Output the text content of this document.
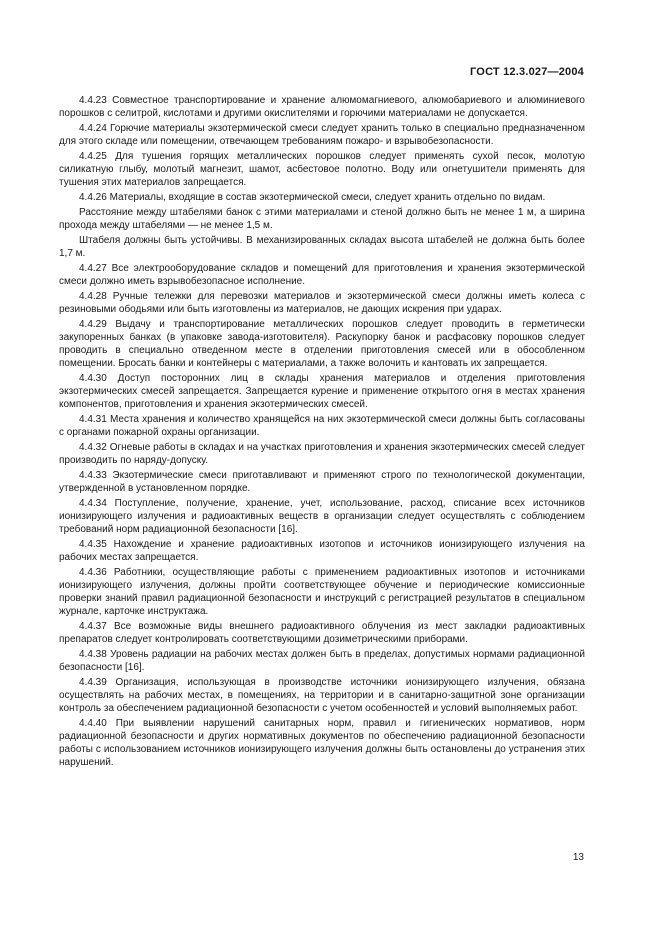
ГОСТ 12.3.027—2004

4.4.23 Совместное транспортирование и хранение алюмомагниевого, алюмобариевого и алюминиевого порошков с селитрой, кислотами и другими окислителями и горючими материалами не допускается.

4.4.24 Горючие материалы экзотермической смеси следует хранить только в специально предназначенном для этого складе или помещении, отвечающем требованиям пожаро- и взрывобезопасности.

4.4.25 Для тушения горящих металлических порошков следует применять сухой песок, молотую силикатную глыбу, молотый магнезит, шамот, асбестовое полотно. Воду или огнетушители применять для тушения этих материалов запрещается.

4.4.26 Материалы, входящие в состав экзотермической смеси, следует хранить отдельно по видам.

Расстояние между штабелями банок с этими материалами и стеной должно быть не менее 1 м, а ширина прохода между штабелями — не менее 1,5 м.

Штабеля должны быть устойчивы. В механизированных складах высота штабелей не должна быть более 1,7 м.

4.4.27 Все электрооборудование складов и помещений для приготовления и хранения экзотермической смеси должно иметь взрывобезопасное исполнение.

4.4.28 Ручные тележки для перевозки материалов и экзотермической смеси должны иметь колеса с резиновыми ободьями или быть изготовлены из материалов, не дающих искрения при ударах.

4.4.29 Выдачу и транспортирование металлических порошков следует проводить в герметически закупоренных банках (в упаковке завода-изготовителя). Раскупорку банок и расфасовку порошков следует проводить в специально отведенном месте в отделении приготовления смесей или в обособленном помещении. Бросать банки и контейнеры с материалами, а также волочить и кантовать их запрещается.

4.4.30 Доступ посторонних лиц в склады хранения материалов и отделения приготовления экзотермических смесей запрещается. Запрещается курение и применение открытого огня в местах хранения компонентов, приготовления и хранения экзотермических смесей.

4.4.31 Места хранения и количество хранящейся на них экзотермической смеси должны быть согласованы с органами пожарной охраны организации.

4.4.32 Огневые работы в складах и на участках приготовления и хранения экзотермических смесей следует производить по наряду-допуску.

4.4.33 Экзотермические смеси приготавливают и применяют строго по технологической документации, утвержденной в установленном порядке.

4.4.34 Поступление, получение, хранение, учет, использование, расход, списание всех источников ионизирующего излучения и радиоактивных веществ в организации следует осуществлять с соблюдением требований норм радиационной безопасности [16].

4.4.35 Нахождение и хранение радиоактивных изотопов и источников ионизирующего излучения на рабочих местах запрещается.

4.4.36 Работники, осуществляющие работы с применением радиоактивных изотопов и источниками ионизирующего излучения, должны пройти соответствующее обучение и периодические комиссионные проверки знаний правил радиационной безопасности и инструкций с регистрацией результатов в специальном журнале, карточке инструктажа.

4.4.37 Все возможные виды внешнего радиоактивного облучения из мест закладки радиоактивных препаратов следует контролировать соответствующими дозиметрическими приборами.

4.4.38 Уровень радиации на рабочих местах должен быть в пределах, допустимых нормами радиационной безопасности [16].

4.4.39 Организация, использующая в производстве источники ионизирующего излучения, обязана осуществлять на рабочих местах, в помещениях, на территории и в санитарно-защитной зоне организации контроль за обеспечением радиационной безопасности с учетом особенностей и условий выполняемых работ.

4.4.40 При выявлении нарушений санитарных норм, правил и гигиенических нормативов, норм радиационной безопасности и других нормативных документов по обеспечению радиационной безопасности работы с использованием источников ионизирующего излучения должны быть остановлены до устранения этих нарушений.

13
